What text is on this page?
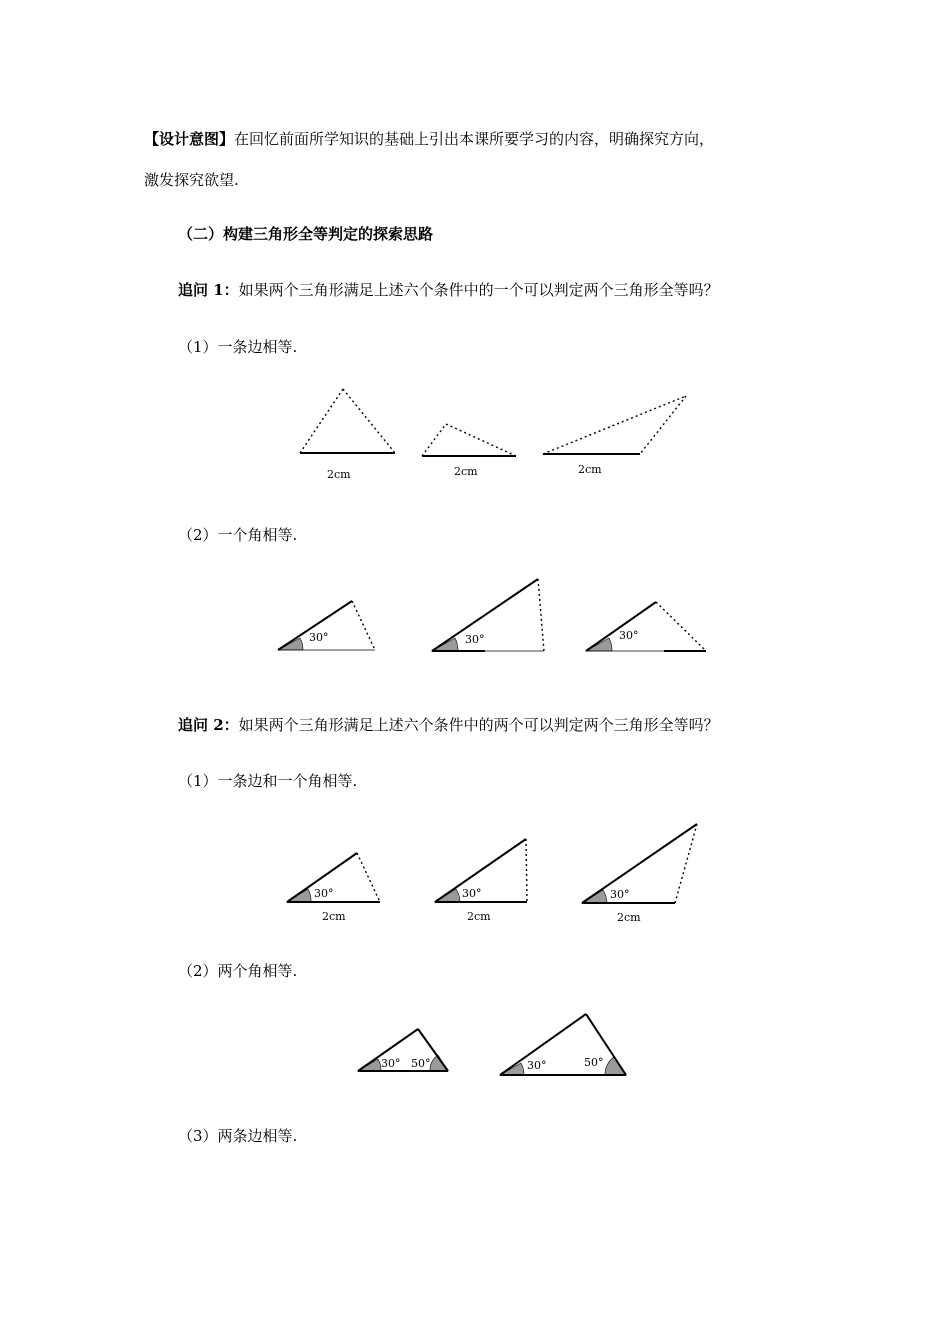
【设计意图】在回忆前面所学知识的基础上引出本课所要学习的内容，明确探究方向，
激发探究欲望.
（二）构建三角形全等判定的探索思路
追问 1：如果两个三角形满足上述六个条件中的一个可以判定两个三角形全等吗？
（1）一条边相等.
2cm	2cm	2cm
（2）一个角相等.
30°	30°	30°
追问 2：如果两个三角形满足上述六个条件中的两个可以判定两个三角形全等吗？
（1）一条边和一个角相等.
30°
2cm
30°
2cm
30°
2cm
（2）两个角相等.
30° 50°	30°	50°
（3）两条边相等.
